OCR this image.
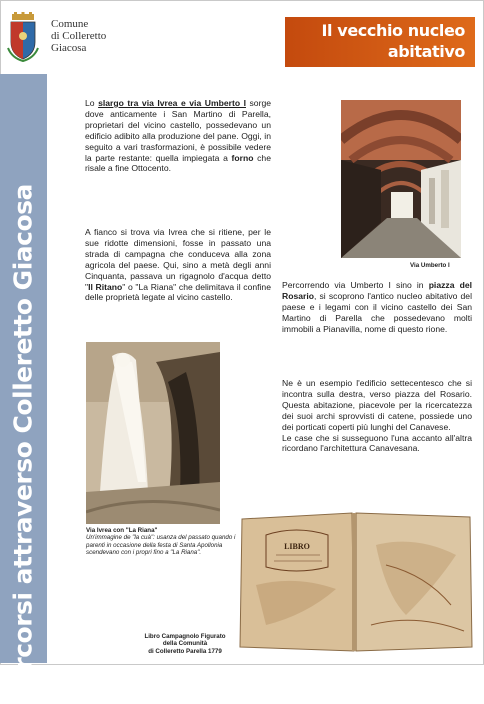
Comune
di Colleretto
Giacosa
Il vecchio nucleo
abitativo
Percorsi attraverso Colleretto Giacosa
Lo slargo tra via Ivrea e via Umberto I sorge dove anticamente i San Martino di Parella, proprietari del vicino castello, possedevano un edificio adibito alla produzione del pane. Oggi, in seguito a vari trasformazioni, è possibile vedere la parte restante: quella impiegata a forno che risale a fine Ottocento.
A fianco si trova via Ivrea che si ritiene, per le sue ridotte dimensioni, fosse in passato una strada di campagna che conduceva alla zona agricola del paese. Qui, sino a metà degli anni Cinquanta, passava un rigagnolo d'acqua detto "Il Ritano" o "La Riana" che delimitava il confine delle proprietà legate al vicino castello.
Via Umberto I
Percorrendo via Umberto I sino in piazza del Rosario, si scoprono l'antico nucleo abitativo del paese e i legami con il vicino castello dei San Martino di Parella che possedevano molti immobili a Pianavilla, nome di questo rione.
Ne è un esempio l'edificio settecentesco che si incontra sulla destra, verso piazza del Rosario. Questa abitazione, piacevole per la ricercatezza dei suoi archi sprovvisti di catene, possiede uno dei porticati coperti più lunghi del Canavese.
Le case che si susseguono l'una accanto all'altra ricordano l'architettura Canavesana.
Via Ivrea con "La Riana"
Un'immagine de "la cuà": usanza del passato quando i parenti in occasione della festa di Santa Apollonia scendevano con i propri fino a "La Riana".
LIBRO
Libro Campagnolo Figurato
della Comunità
di Colleretto Parella 1779
